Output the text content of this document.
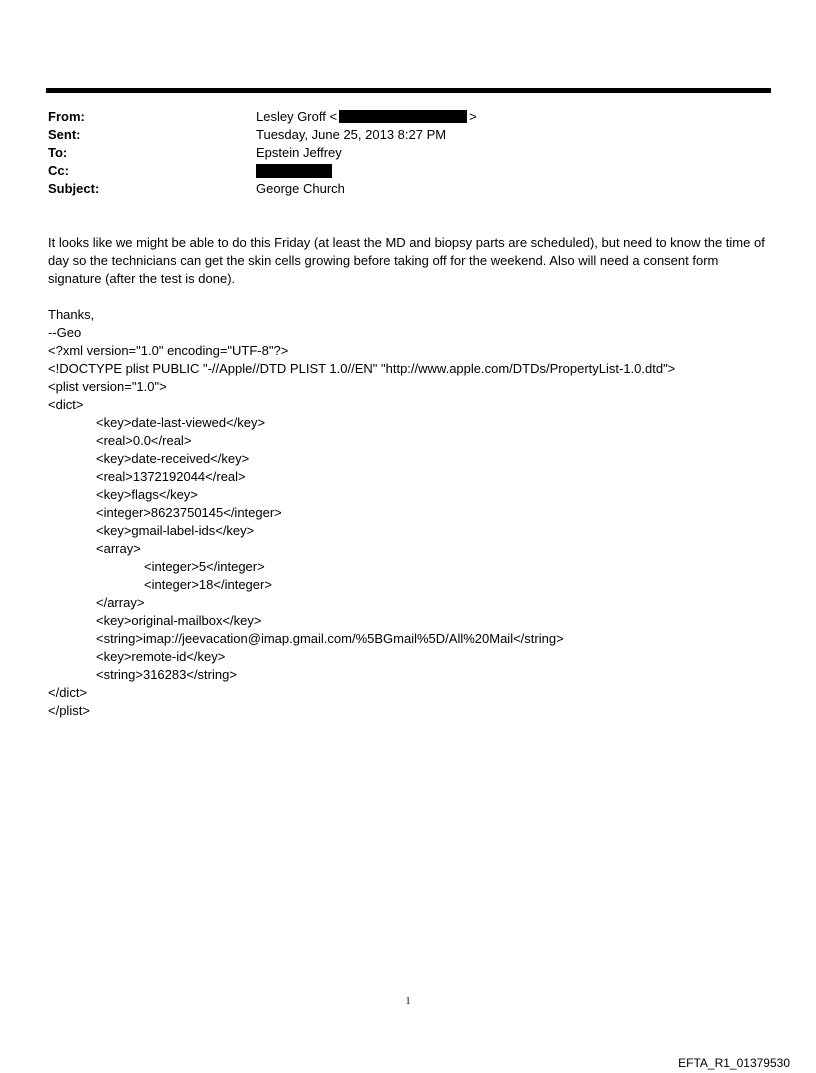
From:	Lesley Groff <	>
Sent:	Tuesday, June 25, 2013 8:27 PM
To:	Epstein Jeffrey
Cc:
Subject:	George Church

It looks like we might be able to do this Friday (at least the MD and biopsy parts are scheduled), but need to know the time of day so the technicians can get the skin cells growing before taking off for the weekend. Also will need a consent form signature (after the test is done).

Thanks,

--Geo

<?xml version="1.0" encoding="UTF-8"?>

<!DOCTYPE plist PUBLIC "-//Apple//DTD PLIST 1.0//EN" "http://www.apple.com/DTDs/PropertyList-1.0.dtd">

<plist version="1.0">

<dict>

<key>date-last-viewed</key>

<real>0.0</real>

<key>date-received</key>

<real>1372192044</real>

<key>flags</key>

<integer>8623750145</integer>

<key>gmail-label-ids</key>

<array>

<integer>5</integer>

<integer>18</integer>

</array>

<key>original-mailbox</key>

<string>imap://jeevacation@imap.gmail.com/%5BGmail%5D/All%20Mail</string>

<key>remote-id</key>

<string>316283</string>

</dict>

</plist>

1
EFTA_R1_01379530
